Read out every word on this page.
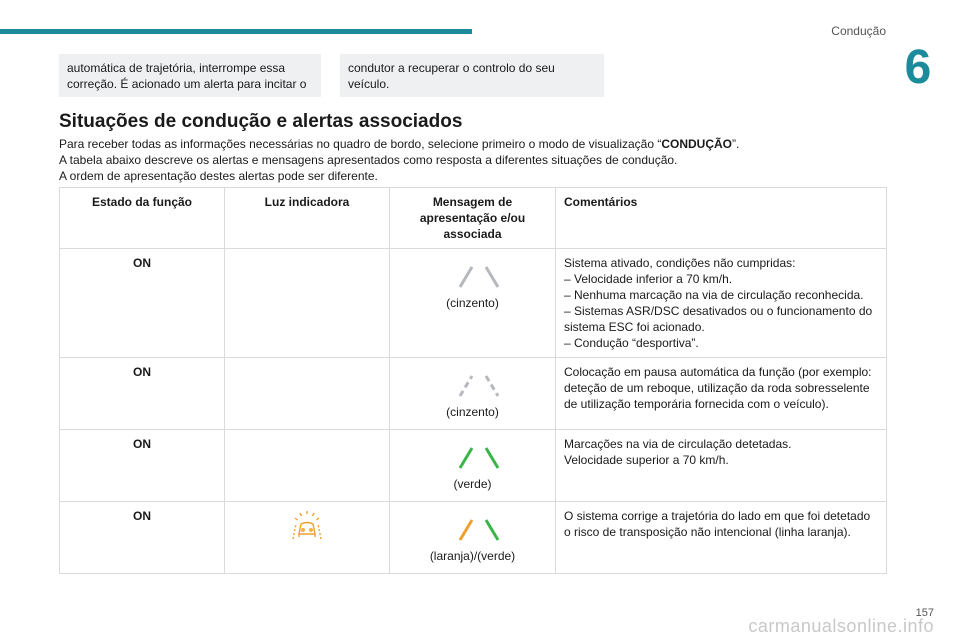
Condução
6
automática de trajetória, interrompe essa correção. É acionado um alerta para incitar o
condutor a recuperar o controlo do seu veículo.
Situações de condução e alertas associados

Para receber todas as informações necessárias no quadro de bordo, selecione primeiro o modo de visualização “CONDUÇÃO”.

A tabela abaixo descreve os alertas e mensagens apresentados como resposta a diferentes situações de condução.

A ordem de apresentação destes alertas pode ser diferente.

Estado da função	Luz indicadora	Mensagem de apresentação e/ou associada	Comentários
ON		(cinzento)	Sistema ativado, condições não cumpridas:

– Velocidade inferior a 70 km/h.

– Nenhuma marcação na via de circulação reconhecida.

– Sistemas ASR/DSC desativados ou o funcionamento do sistema ESC foi acionado.

– Condução “desportiva”.

ON		(cinzento)	Colocação em pausa automática da função (por exemplo: deteção de um reboque, utilização da roda sobresselente de utilização temporária fornecida com o veículo).

ON		(verde)	Marcações na via de circulação detetadas.

Velocidade superior a 70 km/h.

ON		(laranja)/(verde)	O sistema corrige a trajetória do lado em que foi detetado o risco de transposição não intencional (linha laranja).

157
carmanualsonline.info
